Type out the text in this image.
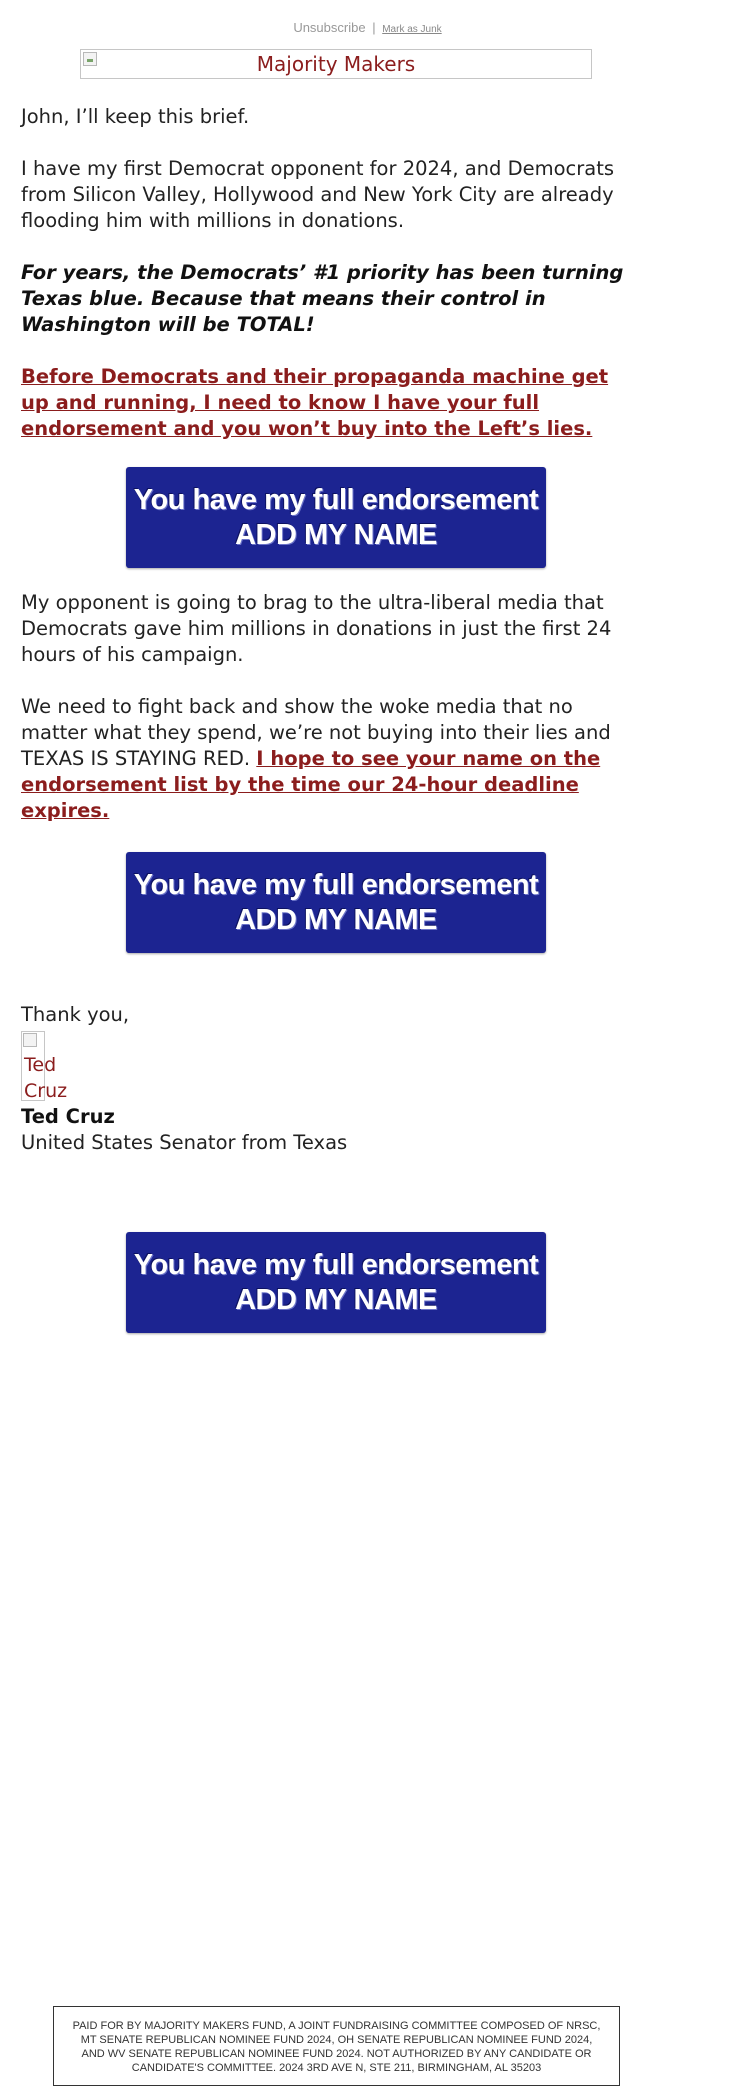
Unsubscribe | Mark as Junk
Majority Makers

John, I’ll keep this brief.

I have my first Democrat opponent for 2024, and Democrats from Silicon Valley, Hollywood and New York City are already flooding him with millions in donations.

For years, the Democrats’ #1 priority has been turning Texas blue. Because that means their control in Washington will be TOTAL!

Before Democrats and their propaganda machine get up and running, I need to know I have your full endorsement and you won’t buy into the Left’s lies.

You have my full endorsement
ADD MY NAME

My opponent is going to brag to the ultra-liberal media that Democrats gave him millions in donations in just the first 24 hours of his campaign.

We need to fight back and show the woke media that no matter what they spend, we’re not buying into their lies and TEXAS IS STAYING RED. I hope to see your name on the endorsement list by the time our 24-hour deadline expires.

You have my full endorsement
ADD MY NAME
Thank you,
Ted Cruz
Ted Cruz
United States Senator from Texas
You have my full endorsement
ADD MY NAME
PAID FOR BY MAJORITY MAKERS FUND, A JOINT FUNDRAISING COMMITTEE COMPOSED OF NRSC, MT SENATE REPUBLICAN NOMINEE FUND 2024, OH SENATE REPUBLICAN NOMINEE FUND 2024, AND WV SENATE REPUBLICAN NOMINEE FUND 2024. NOT AUTHORIZED BY ANY CANDIDATE OR CANDIDATE'S COMMITTEE. 2024 3RD AVE N, STE 211, BIRMINGHAM, AL 35203
